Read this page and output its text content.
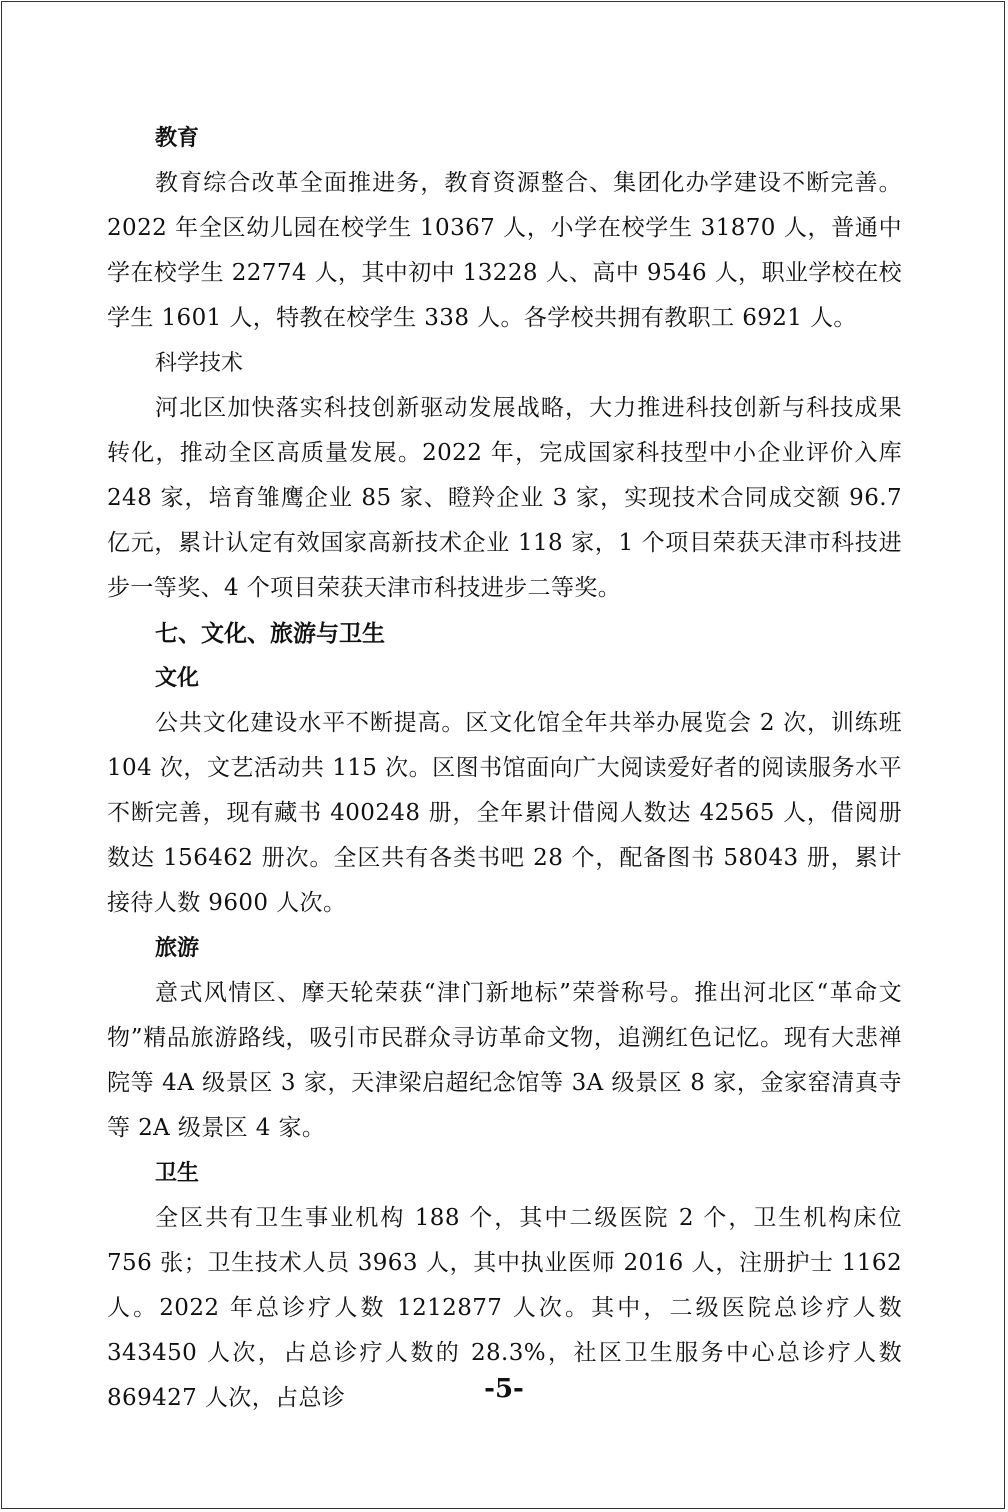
教育

教育综合改革全面推进务，教育资源整合、集团化办学建设不断完善。2022 年全区幼儿园在校学生 10367 人，小学在校学生 31870 人，普通中学在校学生 22774 人，其中初中 13228 人、高中 9546 人，职业学校在校学生 1601 人，特教在校学生 338 人。各学校共拥有教职工 6921 人。

科学技术

河北区加快落实科技创新驱动发展战略，大力推进科技创新与科技成果转化，推动全区高质量发展。2022 年，完成国家科技型中小企业评价入库 248 家，培育雏鹰企业 85 家、瞪羚企业 3 家，实现技术合同成交额 96.7 亿元，累计认定有效国家高新技术企业 118 家，1 个项目荣获天津市科技进步一等奖、4 个项目荣获天津市科技进步二等奖。

七、文化、旅游与卫生
文化

公共文化建设水平不断提高。区文化馆全年共举办展览会 2 次，训练班 104 次，文艺活动共 115 次。区图书馆面向广大阅读爱好者的阅读服务水平不断完善，现有藏书 400248 册，全年累计借阅人数达 42565 人，借阅册数达 156462 册次。全区共有各类书吧 28 个，配备图书 58043 册，累计接待人数 9600 人次。

旅游

意式风情区、摩天轮荣获“津门新地标”荣誉称号。推出河北区“革命文物”精品旅游路线，吸引市民群众寻访革命文物，追溯红色记忆。现有大悲禅院等 4A 级景区 3 家，天津梁启超纪念馆等 3A 级景区 8 家，金家窑清真寺等 2A 级景区 4 家。

卫生

全区共有卫生事业机构 188 个，其中二级医院 2 个，卫生机构床位 756 张；卫生技术人员 3963 人，其中执业医师 2016 人，注册护士 1162 人。2022 年总诊疗人数 1212877 人次。其中，二级医院总诊疗人数 343450 人次，占总诊疗人数的 28.3%，社区卫生服务中心总诊疗人数 869427 人次，占总诊	-5-
